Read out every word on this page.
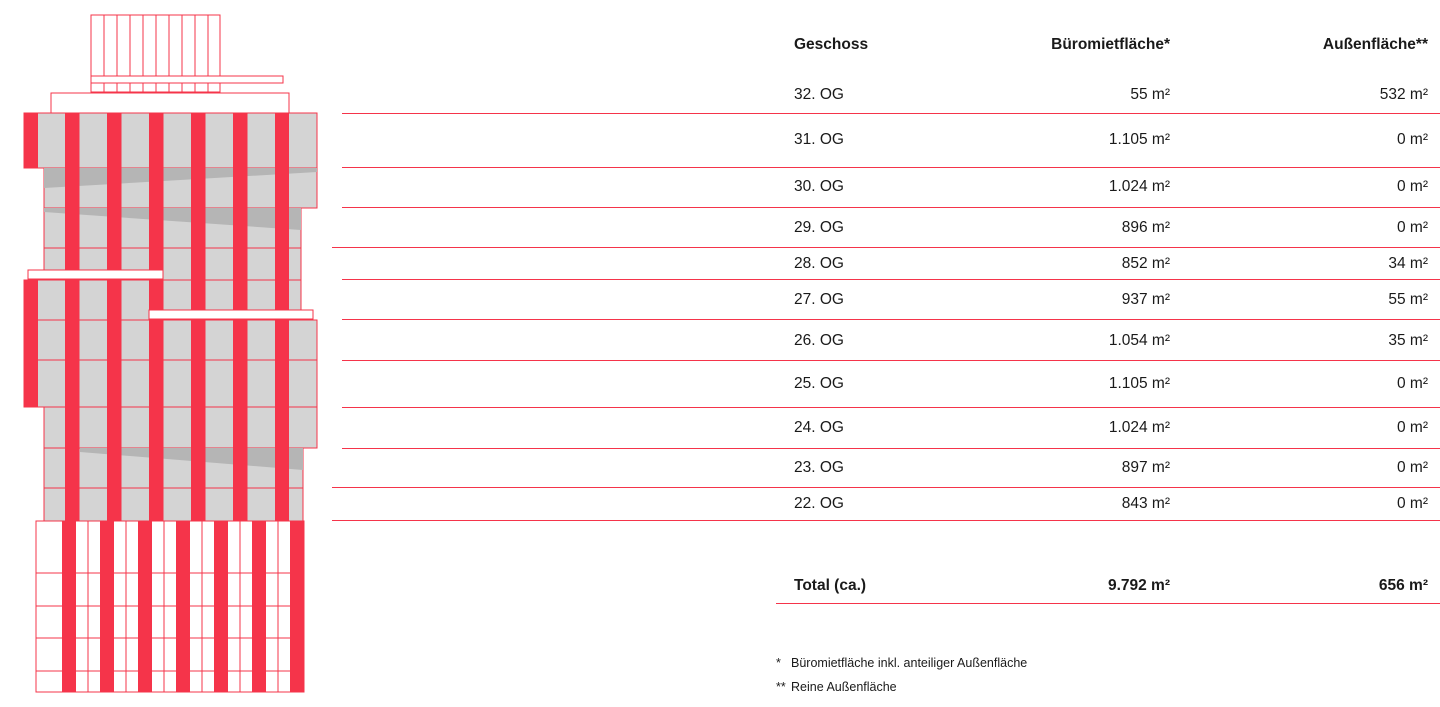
Geschoss	Büromietfläche*	Außenfläche**
32. OG	55 m²	532 m²
31. OG	1.105 m²	0 m²
30. OG	1.024 m²	0 m²
29. OG	896 m²	0 m²
28. OG	852 m²	34 m²
27. OG	937 m²	55 m²
26. OG	1.054 m²	35 m²
25. OG	1.105 m²	0 m²
24. OG	1.024 m²	0 m²
23. OG	897 m²	0 m²
22. OG	843 m²	0 m²
Total (ca.)	9.792 m²	656 m²
* Büromietfläche inkl. anteiliger Außenfläche
** Reine Außenfläche
